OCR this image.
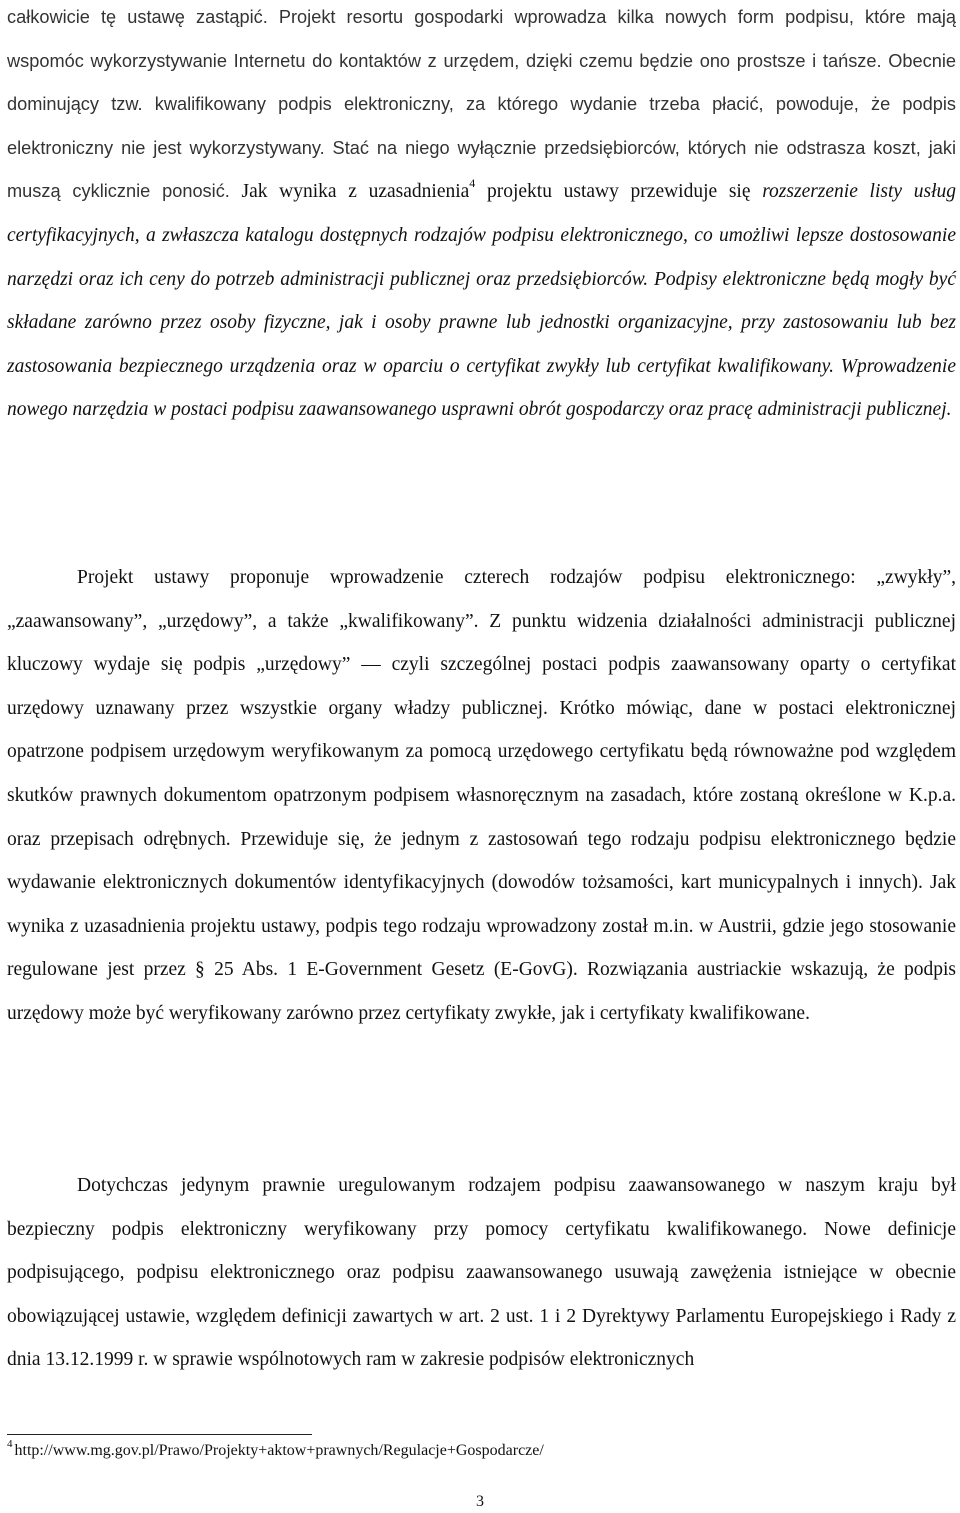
całkowicie tę ustawę zastąpić. Projekt resortu gospodarki wprowadza kilka nowych form podpisu, które mają wspomóc wykorzystywanie Internetu do kontaktów z urzędem, dzięki czemu będzie ono prostsze i tańsze. Obecnie dominujący tzw. kwalifikowany podpis elektroniczny, za którego wydanie trzeba płacić, powoduje, że podpis elektroniczny nie jest wykorzystywany. Stać na niego wyłącznie przedsiębiorców, których nie odstrasza koszt, jaki muszą cyklicznie ponosić. Jak wynika z uzasadnienia$^4$ projektu ustawy przewiduje się rozszerzenie listy usług certyfikacyjnych, a zwłaszcza katalogu dostępnych rodzajów podpisu elektronicznego, co umożliwi lepsze dostosowanie narzędzi oraz ich ceny do potrzeb administracji publicznej oraz przedsiębiorców. Podpisy elektroniczne będą mogły być składane zarówno przez osoby fizyczne, jak i osoby prawne lub jednostki organizacyjne, przy zastosowaniu lub bez zastosowania bezpiecznego urządzenia oraz w oparciu o certyfikat zwykły lub certyfikat kwalifikowany. Wprowadzenie nowego narzędzia w postaci podpisu zaawansowanego usprawni obrót gospodarczy oraz pracę administracji publicznej.

Projekt ustawy proponuje wprowadzenie czterech rodzajów podpisu elektronicznego: „zwykły”, „zaawansowany”, „urzędowy”, a także „kwalifikowany”. Z punktu widzenia działalności administracji publicznej kluczowy wydaje się podpis „urzędowy” — czyli szczególnej postaci podpis zaawansowany oparty o certyfikat urzędowy uznawany przez wszystkie organy władzy publicznej. Krótko mówiąc, dane w postaci elektronicznej opatrzone podpisem urzędowym weryfikowanym za pomocą urzędowego certyfikatu będą równoważne pod względem skutków prawnych dokumentom opatrzonym podpisem własnoręcznym na zasadach, które zostaną określone w K.p.a. oraz przepisach odrębnych. Przewiduje się, że jednym z zastosowań tego rodzaju podpisu elektronicznego będzie wydawanie elektronicznych dokumentów identyfikacyjnych (dowodów tożsamości, kart municypalnych i innych). Jak wynika z uzasadnienia projektu ustawy, podpis tego rodzaju wprowadzony został m.in. w Austrii, gdzie jego stosowanie regulowane jest przez § 25 Abs. 1 E-Government Gesetz (E-GovG). Rozwiązania austriackie wskazują, że podpis urzędowy może być weryfikowany zarówno przez certyfikaty zwykłe, jak i certyfikaty kwalifikowane.

Dotychczas jedynym prawnie uregulowanym rodzajem podpisu zaawansowanego w naszym kraju był bezpieczny podpis elektroniczny weryfikowany przy pomocy certyfikatu kwalifikowanego. Nowe definicje podpisującego, podpisu elektronicznego oraz podpisu zaawansowanego usuwają zawężenia istniejące w obecnie obowiązującej ustawie, względem definicji zawartych w art. 2 ust. 1 i 2 Dyrektywy Parlamentu Europejskiego i Rady z dnia 13.12.1999 r. w sprawie wspólnotowych ram w zakresie podpisów elektronicznych

$^4$ http://www.mg.gov.pl/Prawo/Projekty+aktow+prawnych/Regulacje+Gospodarcze/
3
